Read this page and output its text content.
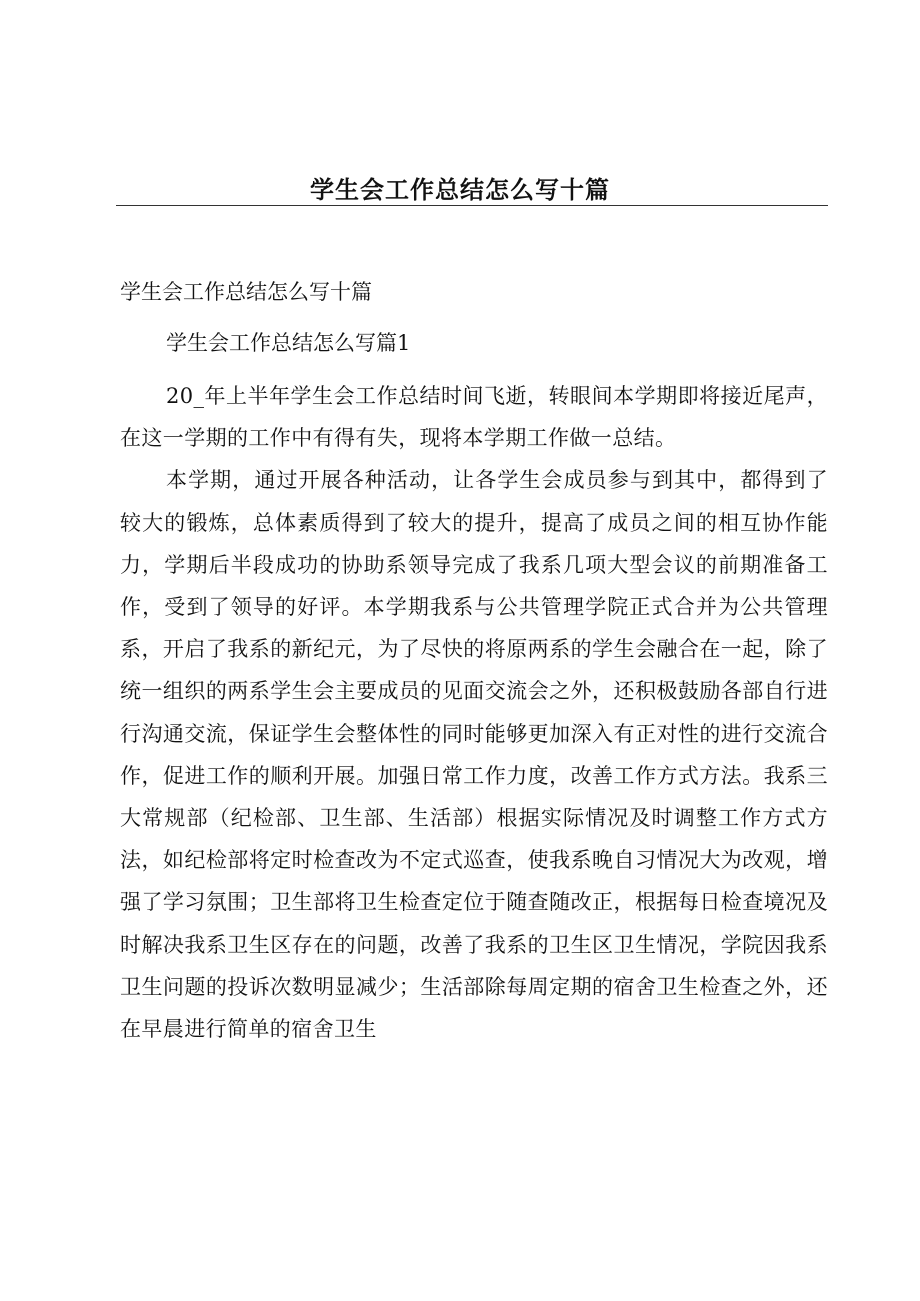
学生会工作总结怎么写十篇

学生会工作总结怎么写十篇

学生会工作总结怎么写篇1

20_年上半年学生会工作总结时间飞逝，转眼间本学期即将接近尾声，在这一学期的工作中有得有失，现将本学期工作做一总结。

本学期，通过开展各种活动，让各学生会成员参与到其中，都得到了较大的锻炼，总体素质得到了较大的提升，提高了成员之间的相互协作能力，学期后半段成功的协助系领导完成了我系几项大型会议的前期准备工作，受到了领导的好评。本学期我系与公共管理学院正式合并为公共管理系，开启了我系的新纪元，为了尽快的将原两系的学生会融合在一起，除了统一组织的两系学生会主要成员的见面交流会之外，还积极鼓励各部自行进行沟通交流，保证学生会整体性的同时能够更加深入有正对性的进行交流合作，促进工作的顺利开展。加强日常工作力度，改善工作方式方法。我系三大常规部（纪检部、卫生部、生活部）根据实际情况及时调整工作方式方法，如纪检部将定时检查改为不定式巡查，使我系晚自习情况大为改观，增强了学习氛围；卫生部将卫生检查定位于随查随改正，根据每日检查境况及时解决我系卫生区存在的问题，改善了我系的卫生区卫生情况，学院因我系卫生问题的投诉次数明显减少；生活部除每周定期的宿舍卫生检查之外，还在早晨进行简单的宿舍卫生
